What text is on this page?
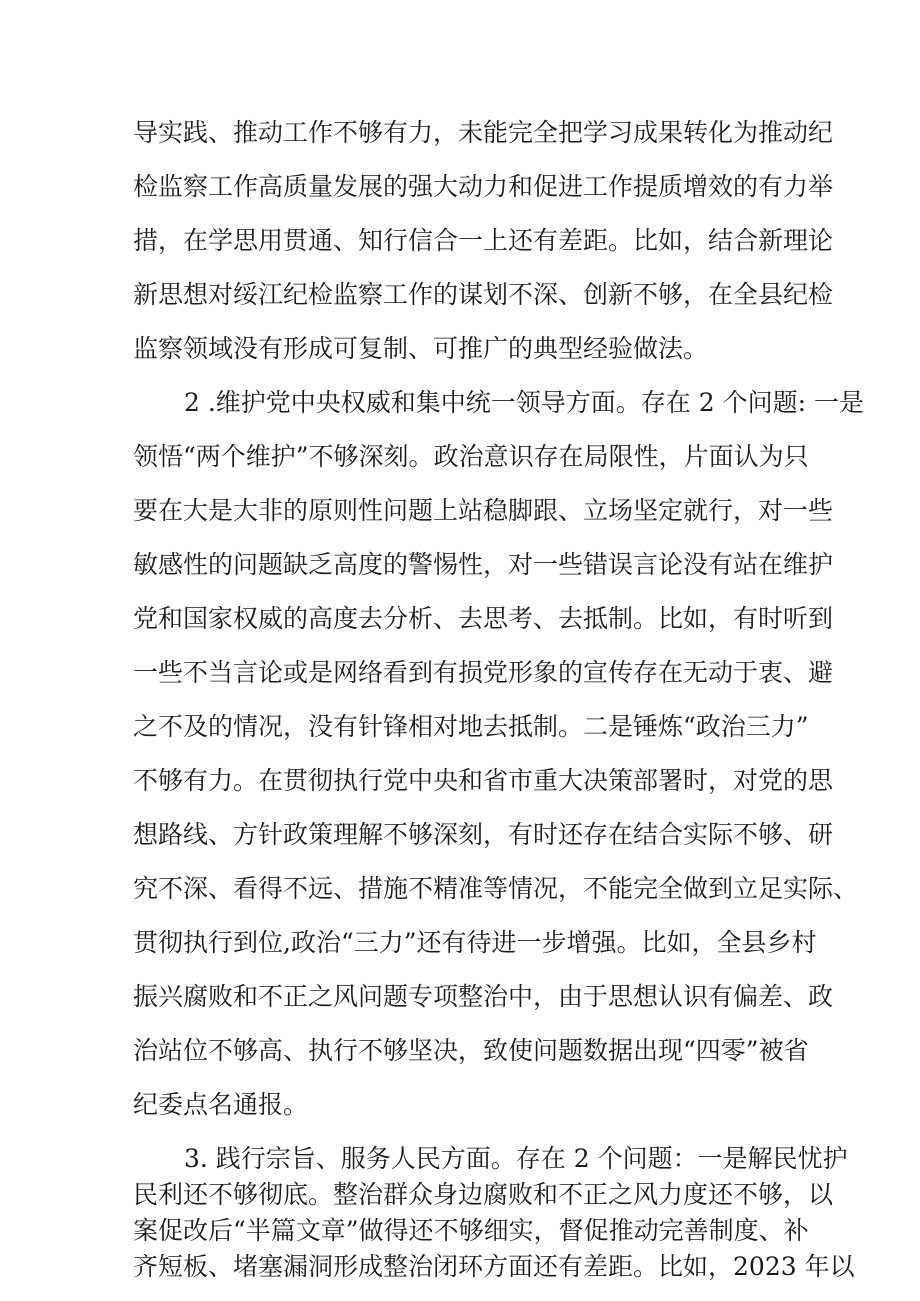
导实践、推动工作不够有力，未能完全把学习成果转化为推动纪
检监察工作高质量发展的强大动力和促进工作提质增效的有力举
措，在学思用贯通、知行信合一上还有差距。比如，结合新理论
新思想对绥江纪检监察工作的谋划不深、创新不够，在全县纪检
监察领域没有形成可复制、可推广的典型经验做法。
2 .维护党中央权威和集中统一领导方面。存在 2 个问题: 一是
领悟“两个维护”不够深刻。政治意识存在局限性，片面认为只
要在大是大非的原则性问题上站稳脚跟、立场坚定就行，对一些
敏感性的问题缺乏高度的警惕性，对一些错误言论没有站在维护
党和国家权威的高度去分析、去思考、去抵制。比如，有时听到
一些不当言论或是网络看到有损党形象的宣传存在无动于衷、避
之不及的情况，没有针锋相对地去抵制。二是锤炼“政治三力”
不够有力。在贯彻执行党中央和省市重大决策部署时，对党的思
想路线、方针政策理解不够深刻，有时还存在结合实际不够、研
究不深、看得不远、措施不精准等情况，不能完全做到立足实际、
贯彻执行到位,政治“三力”还有待进一步增强。比如，全县乡村
振兴腐败和不正之风问题专项整治中，由于思想认识有偏差、政
治站位不够高、执行不够坚决，致使问题数据出现“四零”被省
纪委点名通报。
3. 践行宗旨、服务人民方面。存在 2 个问题：一是解民忧护
民利还不够彻底。整治群众身边腐败和不正之风力度还不够，以
案促改后“半篇文章”做得还不够细实，督促推动完善制度、补
齐短板、堵塞漏洞形成整治闭环方面还有差距。比如，2023 年以
